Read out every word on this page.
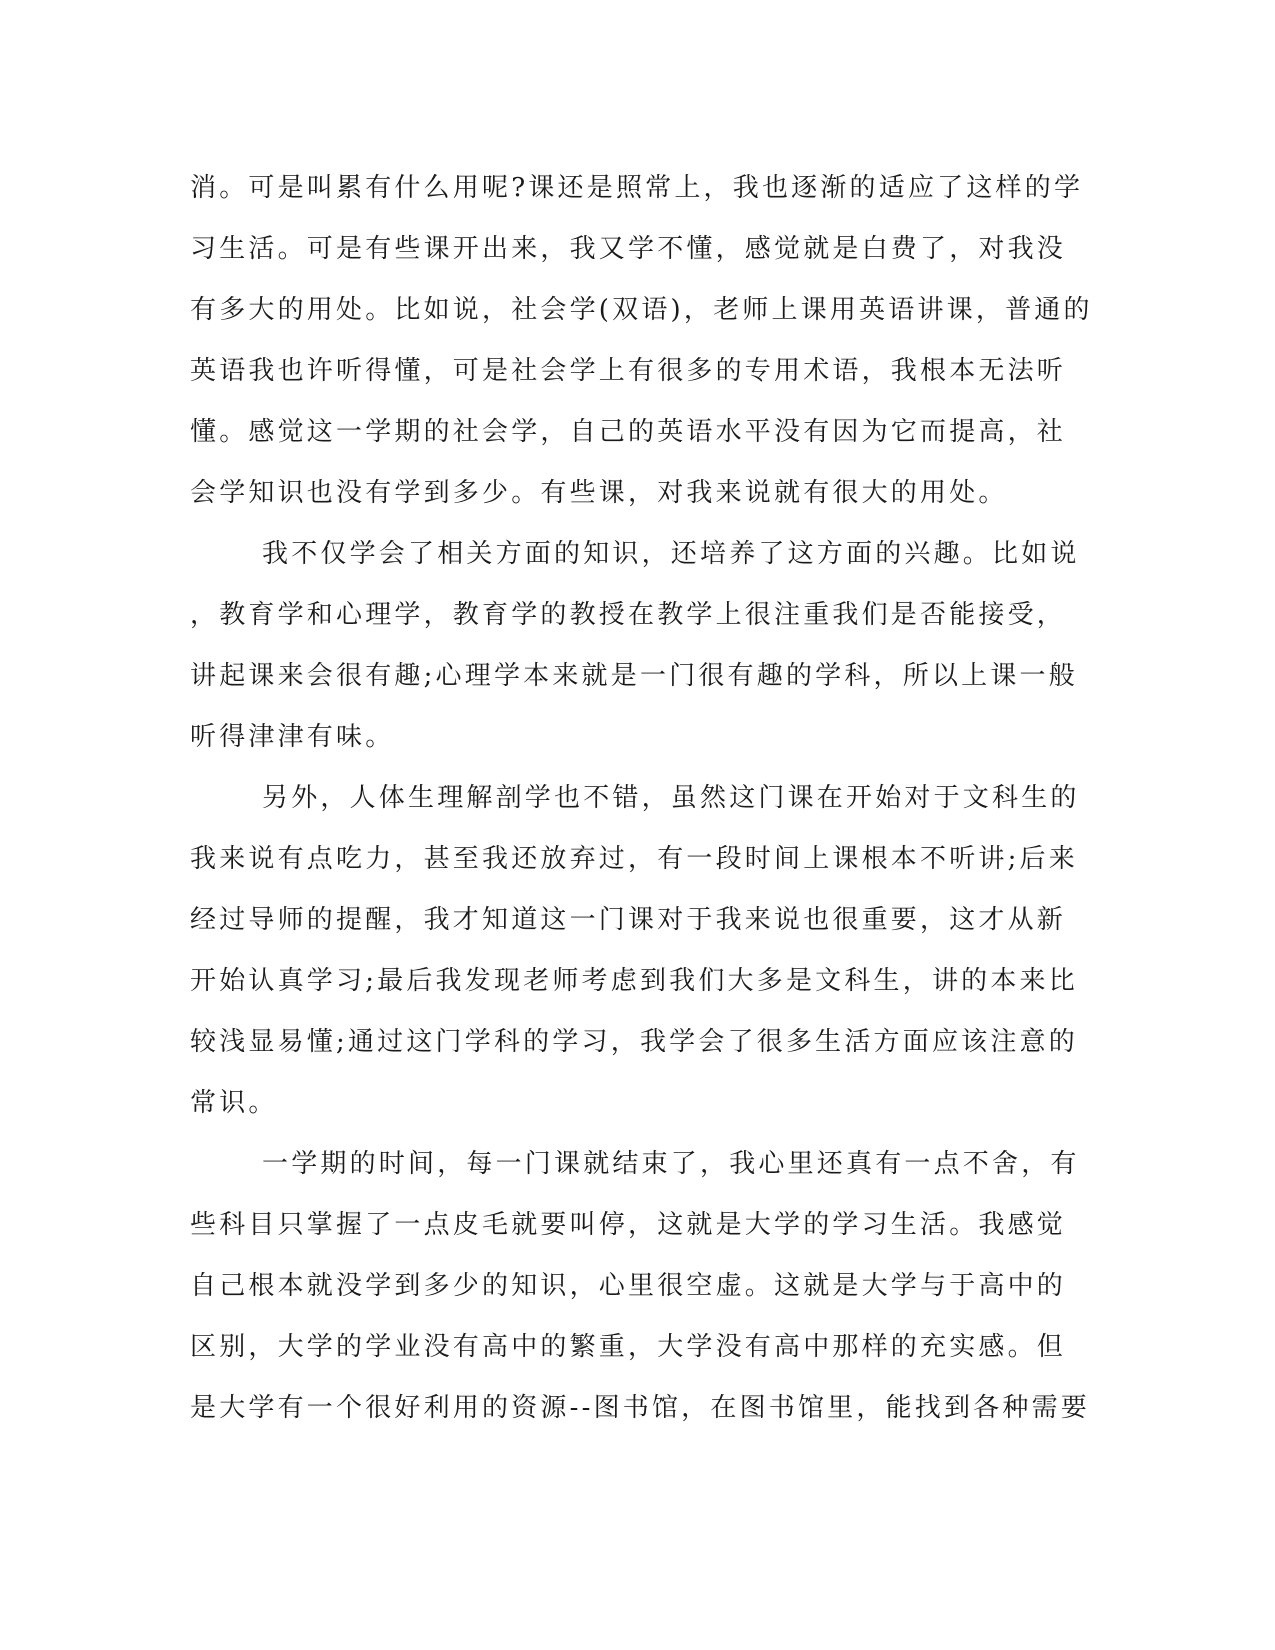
消。可是叫累有什么用呢?课还是照常上，我也逐渐的适应了这样的学
习生活。可是有些课开出来，我又学不懂，感觉就是白费了，对我没
有多大的用处。比如说，社会学(双语)，老师上课用英语讲课，普通的
英语我也许听得懂，可是社会学上有很多的专用术语，我根本无法听
懂。感觉这一学期的社会学，自己的英语水平没有因为它而提高，社
会学知识也没有学到多少。有些课，对我来说就有很大的用处。
我不仅学会了相关方面的知识，还培养了这方面的兴趣。比如说
，教育学和心理学，教育学的教授在教学上很注重我们是否能接受，
讲起课来会很有趣;心理学本来就是一门很有趣的学科，所以上课一般
听得津津有味。
另外，人体生理解剖学也不错，虽然这门课在开始对于文科生的
我来说有点吃力，甚至我还放弃过，有一段时间上课根本不听讲;后来
经过导师的提醒，我才知道这一门课对于我来说也很重要，这才从新
开始认真学习;最后我发现老师考虑到我们大多是文科生，讲的本来比
较浅显易懂;通过这门学科的学习，我学会了很多生活方面应该注意的
常识。
一学期的时间，每一门课就结束了，我心里还真有一点不舍，有
些科目只掌握了一点皮毛就要叫停，这就是大学的学习生活。我感觉
自己根本就没学到多少的知识，心里很空虚。这就是大学与于高中的
区别，大学的学业没有高中的繁重，大学没有高中那样的充实感。但
是大学有一个很好利用的资源--图书馆，在图书馆里，能找到各种需要
